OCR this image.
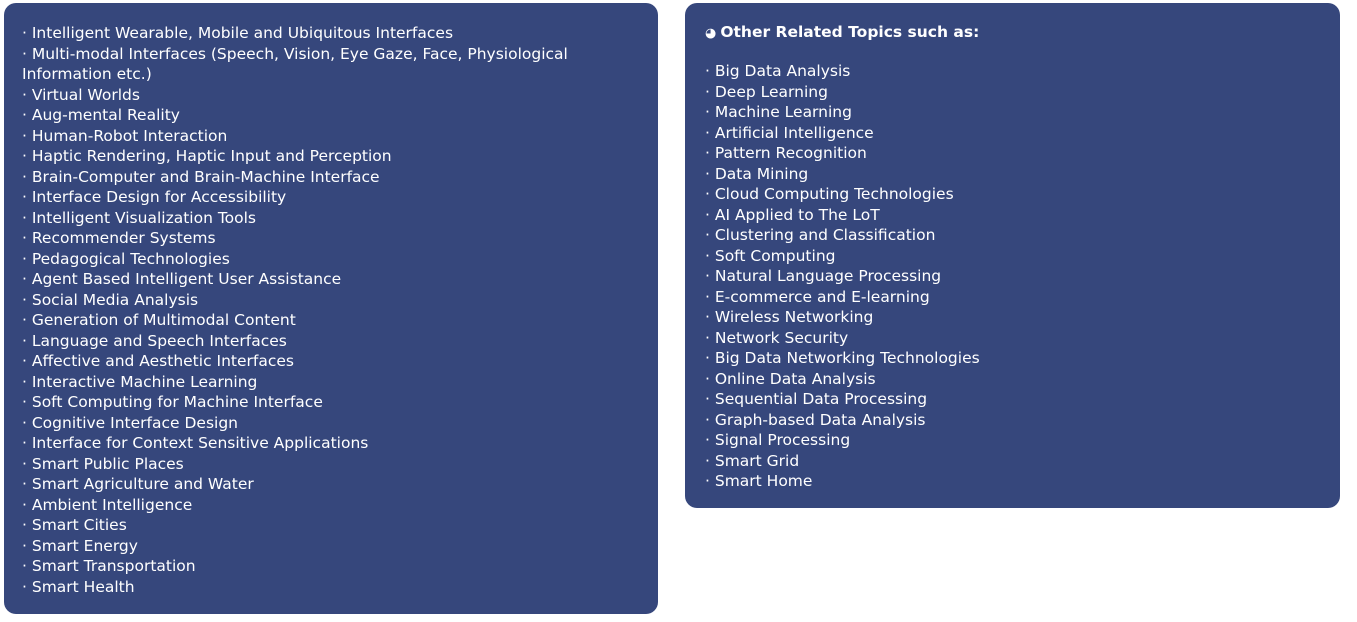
· Intelligent Wearable, Mobile and Ubiquitous Interfaces
· Multi-modal Interfaces (Speech, Vision, Eye Gaze, Face, Physiological Information etc.)
· Virtual Worlds
· Aug-mental Reality
· Human-Robot Interaction
· Haptic Rendering, Haptic Input and Perception
· Brain-Computer and Brain-Machine Interface
· Interface Design for Accessibility
· Intelligent Visualization Tools
· Recommender Systems
· Pedagogical Technologies
· Agent Based Intelligent User Assistance
· Social Media Analysis
· Generation of Multimodal Content
· Language and Speech Interfaces
· Affective and Aesthetic Interfaces
· Interactive Machine Learning
· Soft Computing for Machine Interface
· Cognitive Interface Design
· Interface for Context Sensitive Applications
· Smart Public Places
· Smart Agriculture and Water
· Ambient Intelligence
· Smart Cities
· Smart Energy
· Smart Transportation
· Smart Health
◕ Other Related Topics such as:
· Big Data Analysis
· Deep Learning
· Machine Learning
· Artificial Intelligence
· Pattern Recognition
· Data Mining
· Cloud Computing Technologies
· AI Applied to The LoT
· Clustering and Classification
· Soft Computing
· Natural Language Processing
· E-commerce and E-learning
· Wireless Networking
· Network Security
· Big Data Networking Technologies
· Online Data Analysis
· Sequential Data Processing
· Graph-based Data Analysis
· Signal Processing
· Smart Grid
· Smart Home
